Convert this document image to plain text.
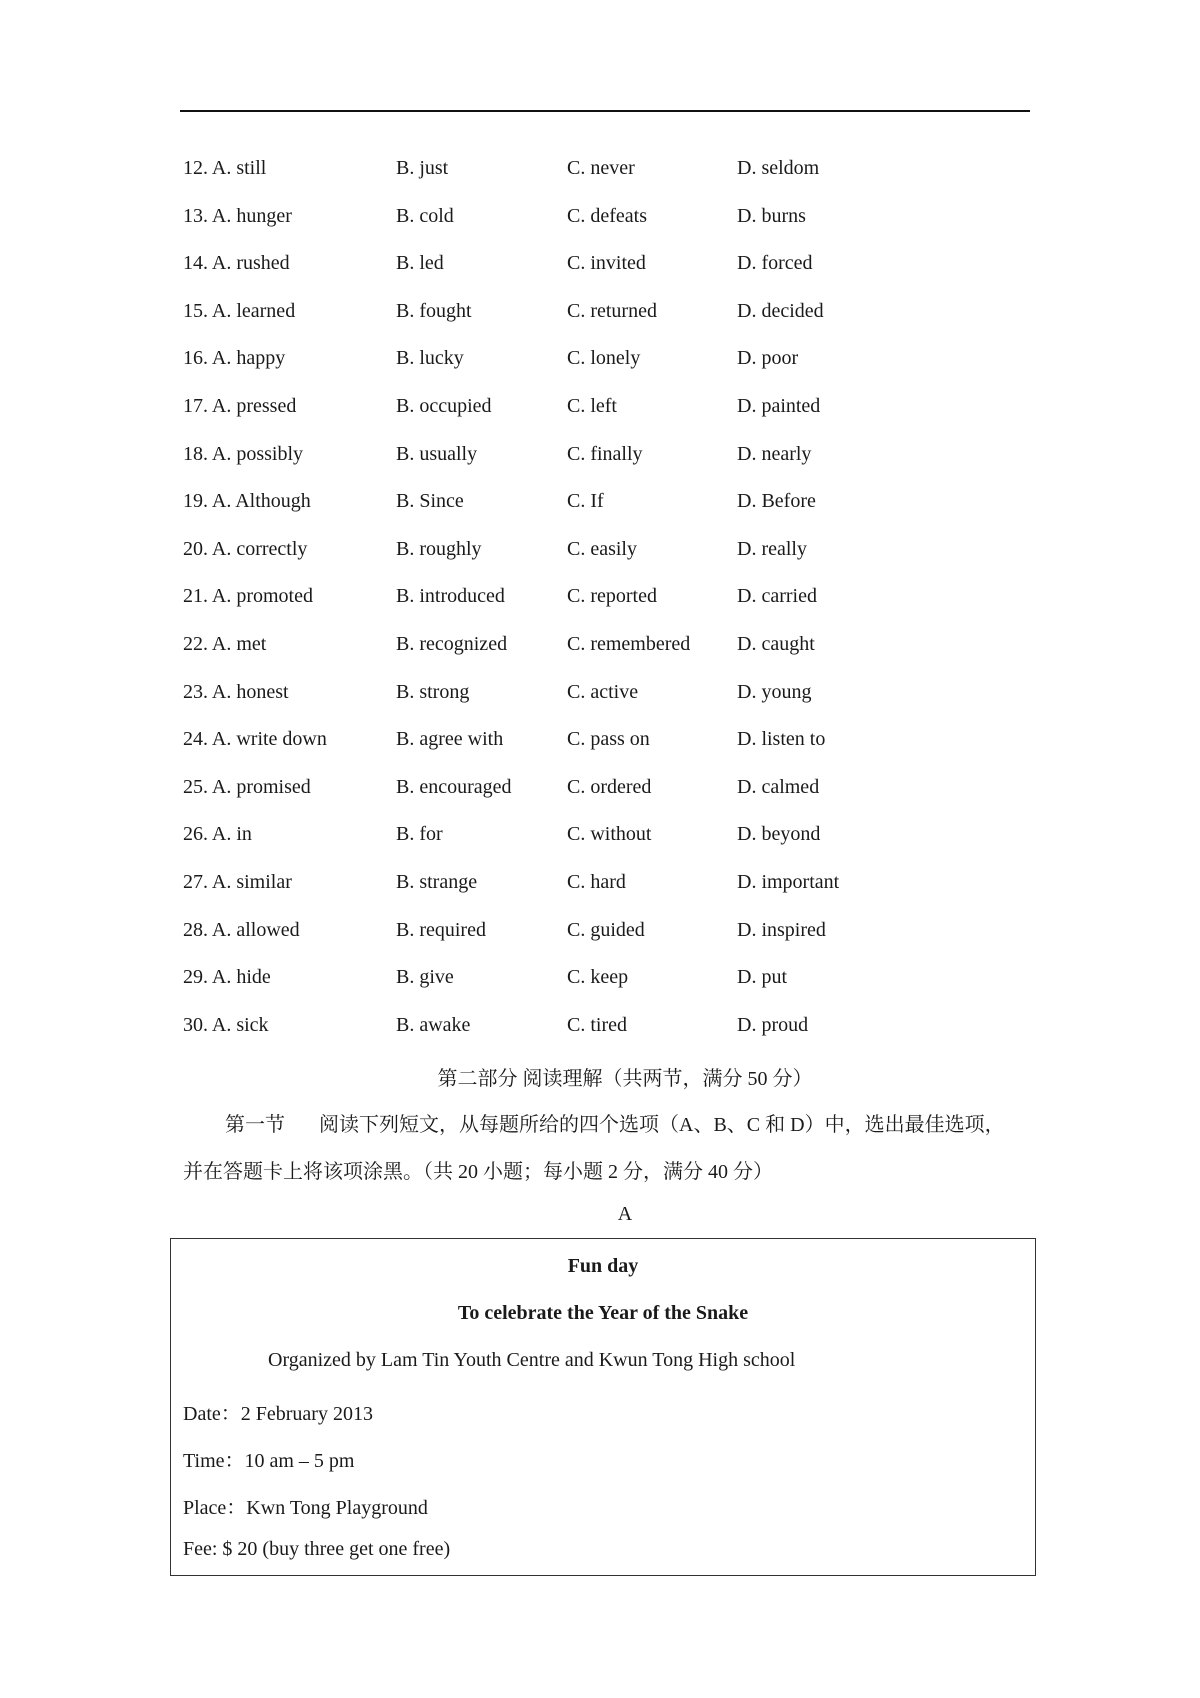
12. A. still	B. just	C. never	D. seldom
13. A. hunger	B. cold	C. defeats	D. burns
14. A. rushed	B. led	C. invited	D. forced
15. A. learned	B. fought	C. returned	D. decided
16. A. happy	B. lucky	C. lonely	D. poor
17. A. pressed	B. occupied	C. left	D. painted
18. A. possibly	B. usually	C. finally	D. nearly
19. A. Although	B. Since	C. If	D. Before
20. A. correctly	B. roughly	C. easily	D. really
21. A. promoted	B. introduced	C. reported	D. carried
22. A. met	B. recognized	C. remembered D. caught
23. A. honest	B. strong	C. active	D. young
24. A. write down	B. agree with	C. pass on	D. listen to
25. A. promised	B. encouraged	C. ordered	D. calmed
26. A. in	B. for	C. without	D. beyond
27. A. similar	B. strange	C. hard	D. important
28. A. allowed	B. required	C. guided	D. inspired
29. A. hide	B. give	C. keep	D. put
30. A. sick	B. awake	C. tired	D. proud
第二部分 阅读理解（共两节，满分 50 分）
第一节 阅读下列短文，从每题所给的四个选项（A、B、C 和 D）中，选出最佳选项，
并在答题卡上将该项涂黑。（共 20 小题；每小题 2 分，满分 40 分）
A
Fun day
To celebrate the Year of the Snake
Organized by Lam Tin Youth Centre and Kwun Tong High school
Date：2 February 2013
Time：10 am – 5 pm
Place：Kwn Tong Playground
Fee: $ 20 (buy three get one free)
